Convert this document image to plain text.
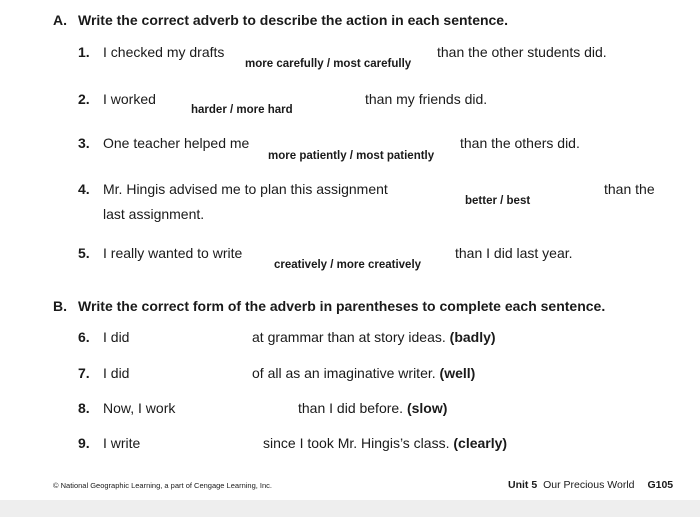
A. Write the correct adverb to describe the action in each sentence.
1. I checked my drafts
more carefully / most carefully
than the other students did.
2. I worked
harder / more hard
than my friends did.
3. One teacher helped me
more patiently / most patiently
than the others did.
4. Mr. Hingis advised me to plan this assignment
better / best
than the
last assignment.
5. I really wanted to write
creatively / more creatively
than I did last year.
B. Write the correct form of the adverb in parentheses to complete each sentence.
6. I did	at grammar than at story ideas. (badly)
7. I did	of all as an imaginative writer. (well)
8. Now, I work	than I did before. (slow)
9. I write	since I took Mr. Hingis’s class. (clearly)
© National Geographic Learning, a part of Cengage Learning, Inc.	Unit 5 Our Precious World G105
